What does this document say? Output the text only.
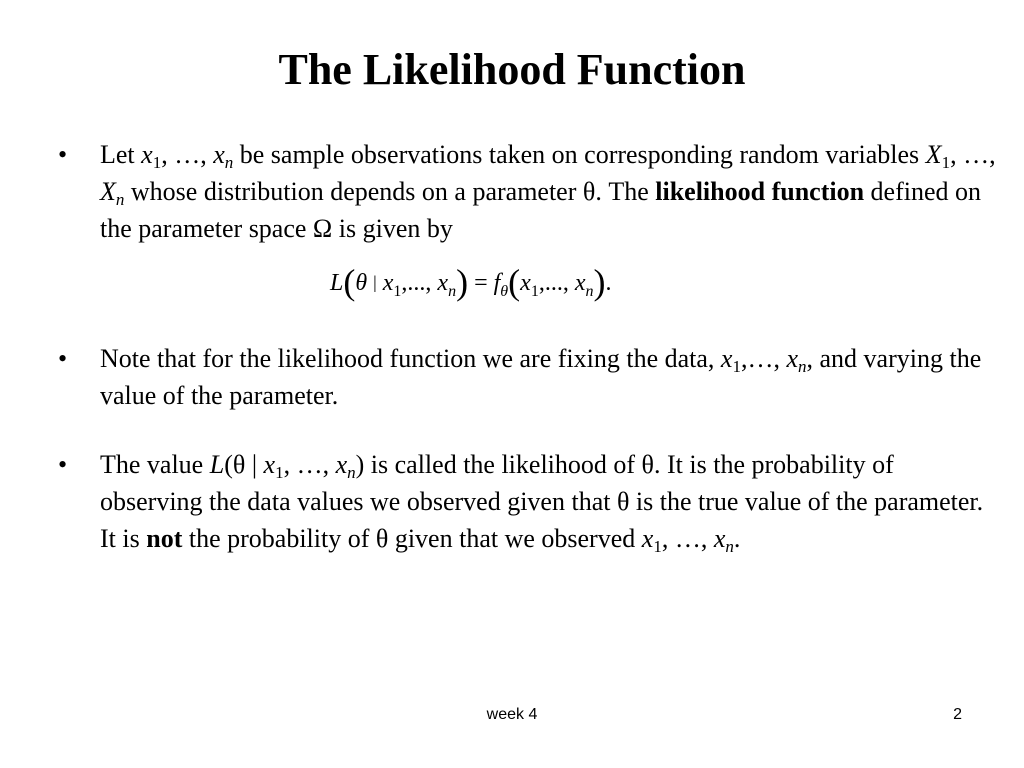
The Likelihood Function
•	Let $x_1$, …, $x_n$ be sample observations taken on corresponding random variables $X_1$, …, $X_n$ whose distribution depends on a parameter θ. The likelihood function defined on the parameter space Ω is given by
L(θ | $x_1$,..., $x_n) = f_\theta(x_1$,..., $x_n$).
•	Note that for the likelihood function we are fixing the data, $x_1,\dots$, $x_n$, and varying the value of the parameter.
•	The value L(θ | $x_1$, …, $x_n$) is called the likelihood of θ. It is the probability of observing the data values we observed given that θ is the true value of the parameter. It is not the probability of θ given that we observed $x_1$, …, $x_n$.
week 4	2
